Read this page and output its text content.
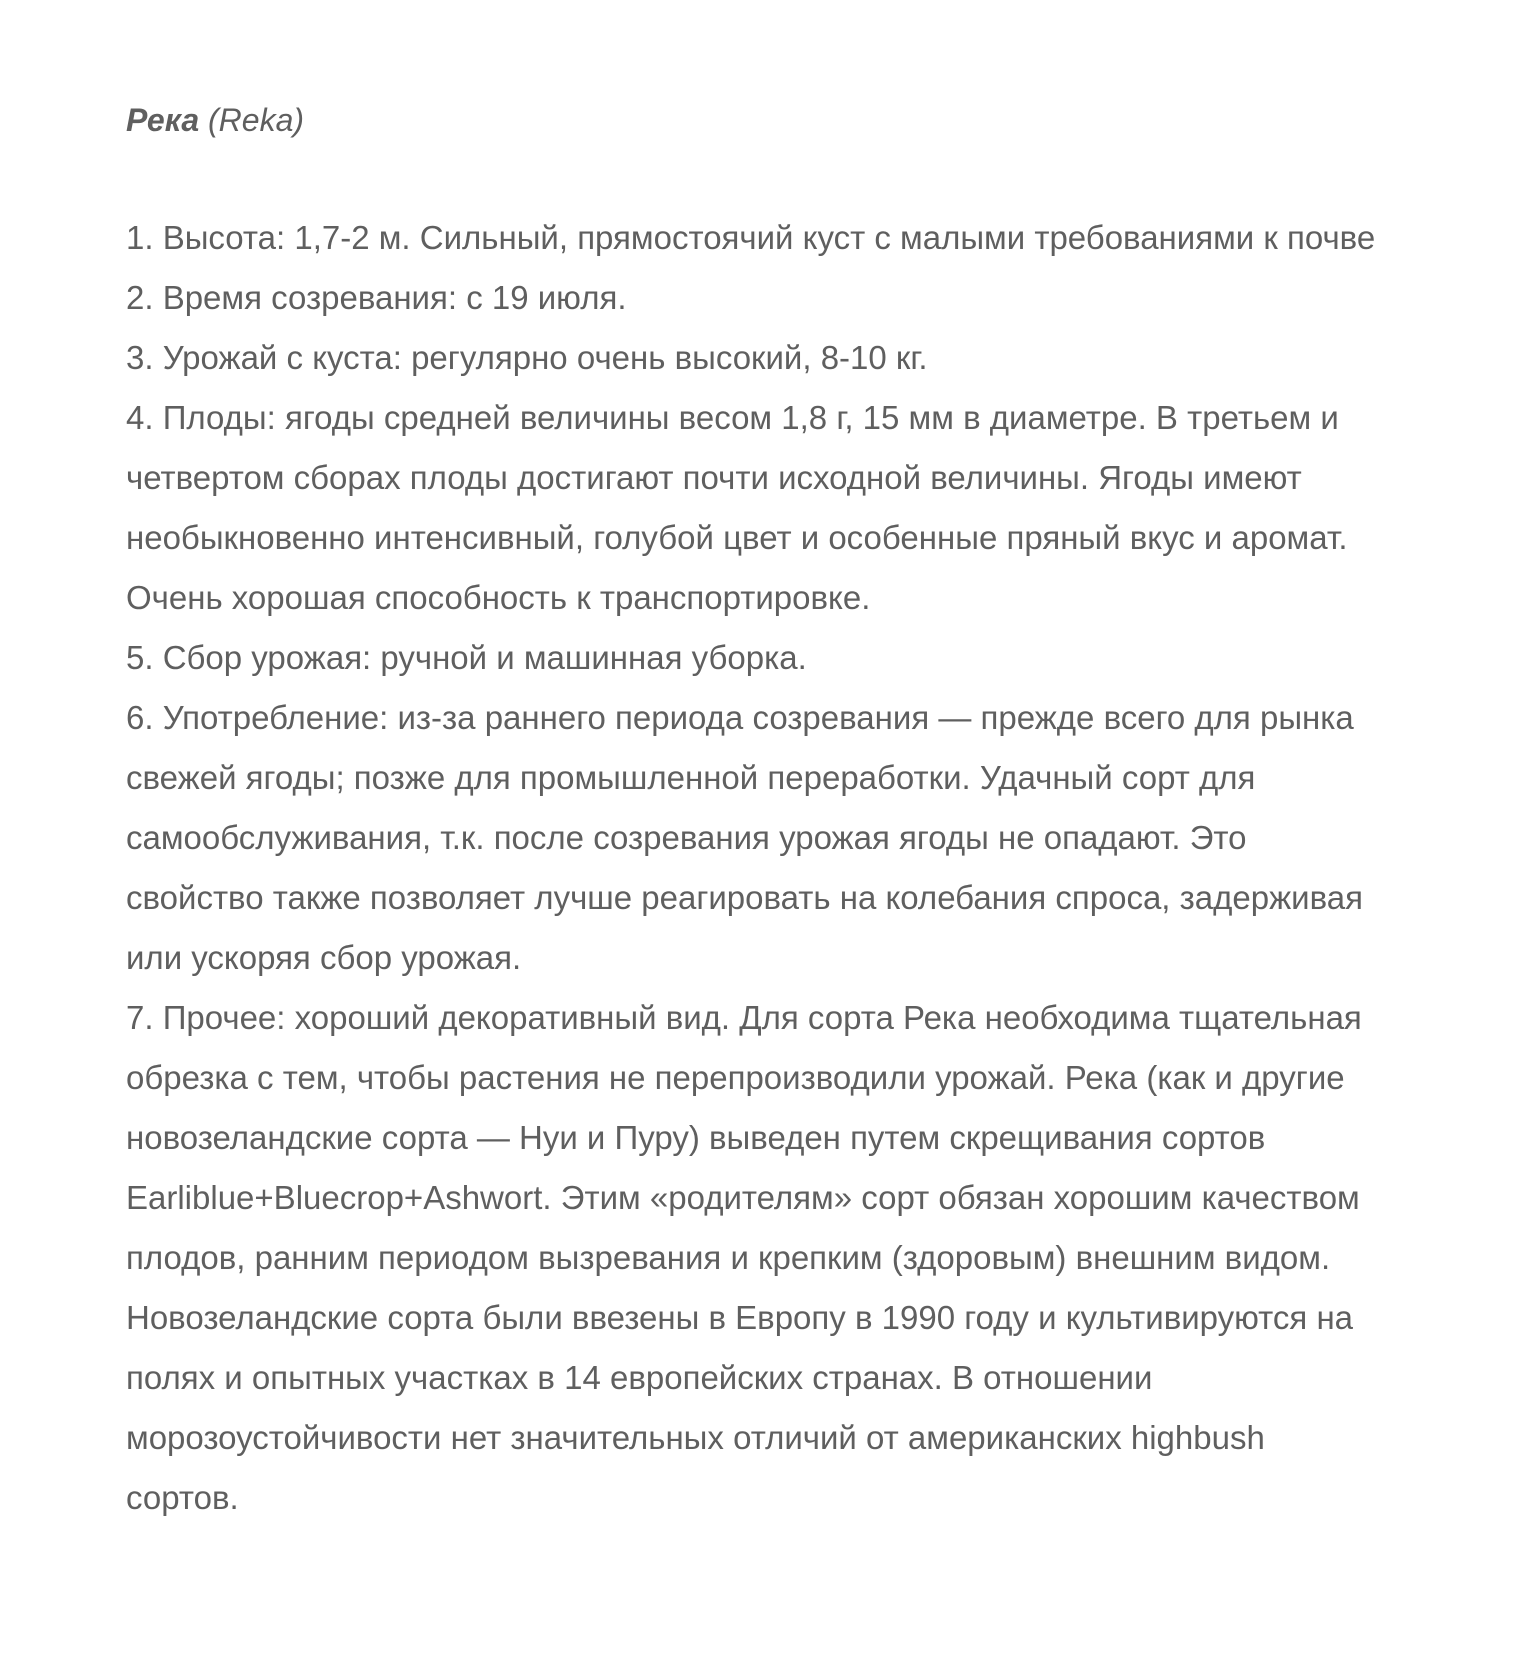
Река (Reka)

1. Высота: 1,7-2 м. Сильный, прямостоячий куст с малыми требованиями к почве

2. Время созревания: с 19 июля.

3. Урожай с куста: регулярно очень высокий, 8-10 кг.

4. Плоды: ягоды средней величины весом 1,8 г, 15 мм в диаметре. В третьем и

четвертом сборах плоды достигают почти исходной величины. Ягоды имеют

необыкновенно интенсивный, голубой цвет и особенные пряный вкус и аромат.

Очень хорошая способность к транспортировке.

5. Сбор урожая: ручной и машинная уборка.

6. Употребление: из-за раннего периода созревания — прежде всего для рынка

свежей ягоды; позже для промышленной переработки. Удачный сорт для

самообслуживания, т.к. после созревания урожая ягоды не опадают. Это

свойство также позволяет лучше реагировать на колебания спроса, задерживая

или ускоряя сбор урожая.

7. Прочее: хороший декоративный вид. Для сорта Река необходима тщательная

обрезка с тем, чтобы растения не перепроизводили урожай. Река (как и другие

новозеландские сорта — Нуи и Пуру) выведен путем скрещивания сортов

Earliblue+Bluecrop+Ashwort. Этим «родителям» сорт обязан хорошим качеством

плодов, ранним периодом вызревания и крепким (здоровым) внешним видом.

Новозеландские сорта были ввезены в Европу в 1990 году и культивируются на

полях и опытных участках в 14 европейских странах. В отношении

морозоустойчивости нет значительных отличий от американских highbush

сортов.
